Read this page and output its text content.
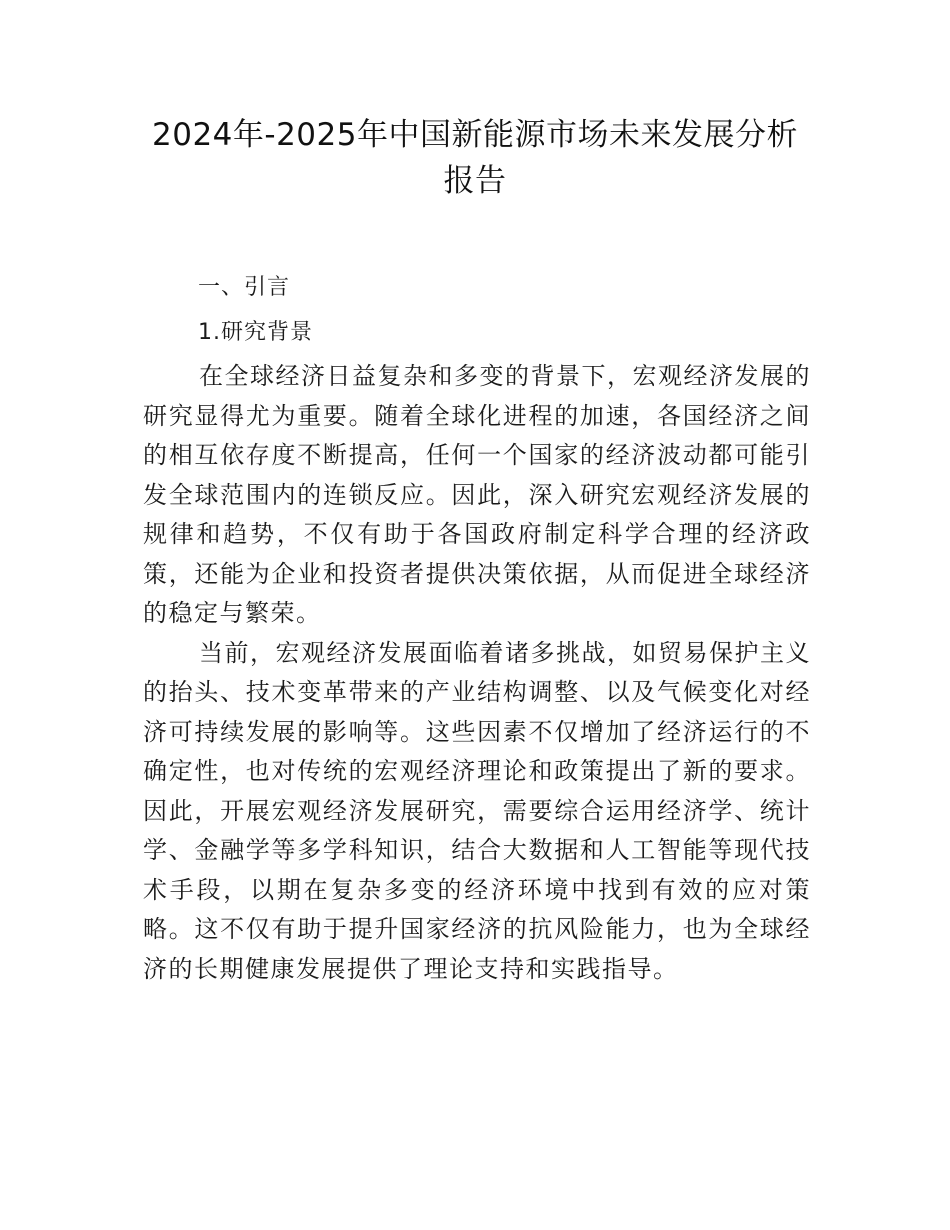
2024年-2025年中国新能源市场未来发展分析报告
一、引言
1.研究背景

在全球经济日益复杂和多变的背景下，宏观经济发展的研究显得尤为重要。随着全球化进程的加速，各国经济之间的相互依存度不断提高，任何一个国家的经济波动都可能引发全球范围内的连锁反应。因此，深入研究宏观经济发展的规律和趋势，不仅有助于各国政府制定科学合理的经济政策，还能为企业和投资者提供决策依据，从而促进全球经济的稳定与繁荣。

当前，宏观经济发展面临着诸多挑战，如贸易保护主义的抬头、技术变革带来的产业结构调整、以及气候变化对经济可持续发展的影响等。这些因素不仅增加了经济运行的不确定性，也对传统的宏观经济理论和政策提出了新的要求。因此，开展宏观经济发展研究，需要综合运用经济学、统计学、金融学等多学科知识，结合大数据和人工智能等现代技术手段，以期在复杂多变的经济环境中找到有效的应对策略。这不仅有助于提升国家经济的抗风险能力，也为全球经济的长期健康发展提供了理论支持和实践指导。
